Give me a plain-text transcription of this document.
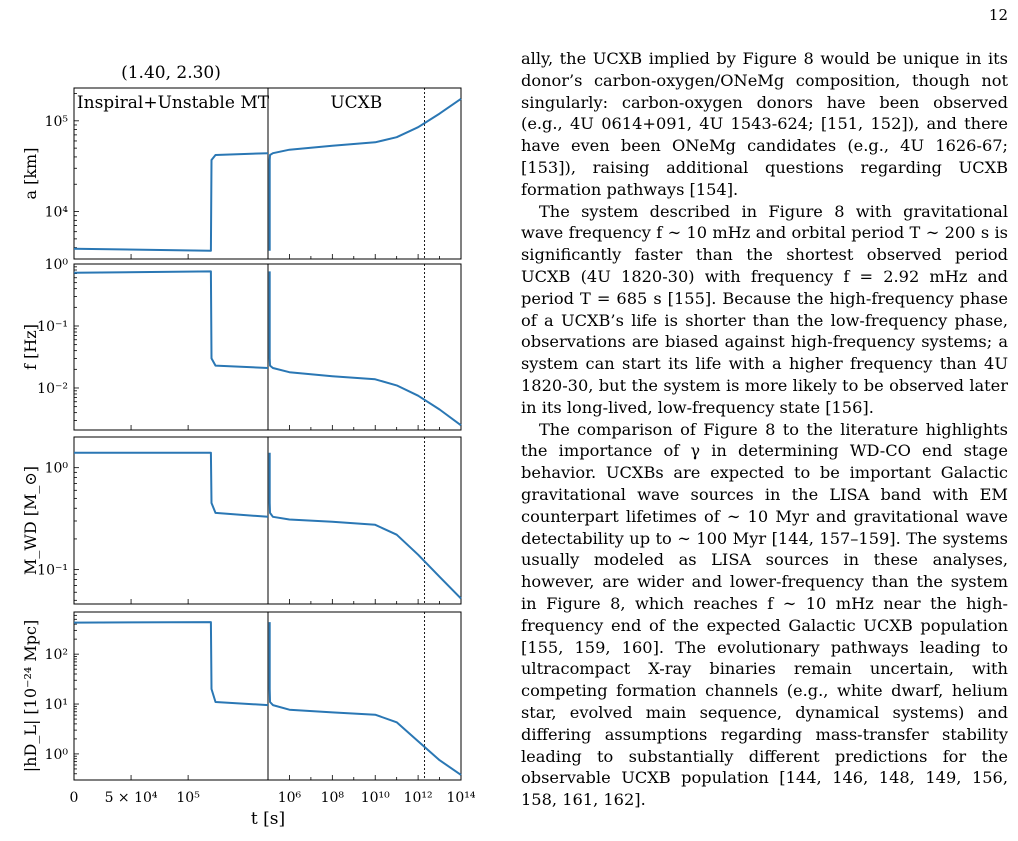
12
(1.40, 2.30)
10⁴
10⁵
a [km]
Inspiral+Unstable MT	UCXB
10⁻²
10⁻¹
10⁰
f [Hz]
10⁻¹
10⁰
M_WD [M_⊙]
10⁰
10¹
10²
|hD_L| [10⁻²⁴ Mpc]
0 5 × 10⁴ 10⁵	10⁶ 10⁸ 10¹⁰ 10¹² 10¹⁴
t [s]

ally, the UCXB implied by Figure 8 would be unique in its donor’s carbon-oxygen/ONeMg composition, though not singularly: carbon-oxygen donors have been observed (e.g., 4U 0614+091, 4U 1543-624; [151, 152]), and there have even been ONeMg candidates (e.g., 4U 1626-67; [153]), raising additional questions regarding UCXB formation pathways [154].

The system described in Figure 8 with gravitational wave frequency f ∼ 10 mHz and orbital period T ∼ 200 s is significantly faster than the shortest observed period UCXB (4U 1820-30) with frequency f = 2.92 mHz and period T = 685 s [155]. Because the high-frequency phase of a UCXB’s life is shorter than the low-frequency phase, observations are biased against high-frequency systems; a system can start its life with a higher frequency than 4U 1820-30, but the system is more likely to be observed later in its long-lived, low-frequency state [156].

The comparison of Figure 8 to the literature highlights the importance of γ in determining WD-CO end stage behavior. UCXBs are expected to be important Galactic gravitational wave sources in the LISA band with EM counterpart lifetimes of ∼ 10 Myr and gravitational wave detectability up to ∼ 100 Myr [144, 157–159]. The systems usually modeled as LISA sources in these analyses, however, are wider and lower-frequency than the system in Figure 8, which reaches f ∼ 10 mHz near the high-frequency end of the expected Galactic UCXB population [155, 159, 160]. The evolutionary pathways leading to ultracompact X-ray binaries remain uncertain, with competing formation channels (e.g., white dwarf, helium star, evolved main sequence, dynamical systems) and differing assumptions regarding mass-transfer stability leading to substantially different predictions for the observable UCXB population [144, 146, 148, 149, 156, 158, 161, 162].
